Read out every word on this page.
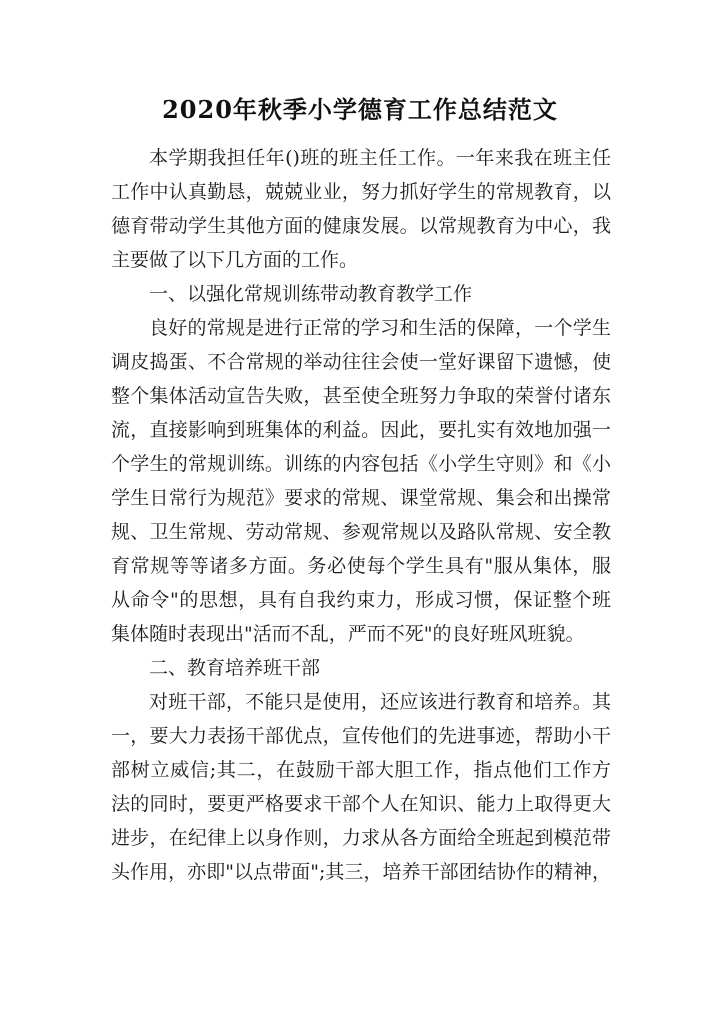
2020年秋季小学德育工作总结范文
本学期我担任年()班的班主任工作。一年来我在班主任
工作中认真勤恳，兢兢业业，努力抓好学生的常规教育，以
德育带动学生其他方面的健康发展。以常规教育为中心，我
主要做了以下几方面的工作。
一、以强化常规训练带动教育教学工作
良好的常规是进行正常的学习和生活的保障，一个学生
调皮捣蛋、不合常规的举动往往会使一堂好课留下遗憾，使
整个集体活动宣告失败，甚至使全班努力争取的荣誉付诸东
流，直接影响到班集体的利益。因此，要扎实有效地加强一
个学生的常规训练。训练的内容包括《小学生守则》和《小
学生日常行为规范》要求的常规、课堂常规、集会和出操常
规、卫生常规、劳动常规、参观常规以及路队常规、安全教
育常规等等诸多方面。务必使每个学生具有"服从集体，服
从命令"的思想，具有自我约束力，形成习惯，保证整个班
集体随时表现出"活而不乱，严而不死"的良好班风班貌。
二、教育培养班干部
对班干部，不能只是使用，还应该进行教育和培养。其
一，要大力表扬干部优点，宣传他们的先进事迹，帮助小干
部树立威信;其二，在鼓励干部大胆工作，指点他们工作方
法的同时，要更严格要求干部个人在知识、能力上取得更大
进步，在纪律上以身作则，力求从各方面给全班起到模范带
头作用，亦即"以点带面";其三，培养干部团结协作的精神，
